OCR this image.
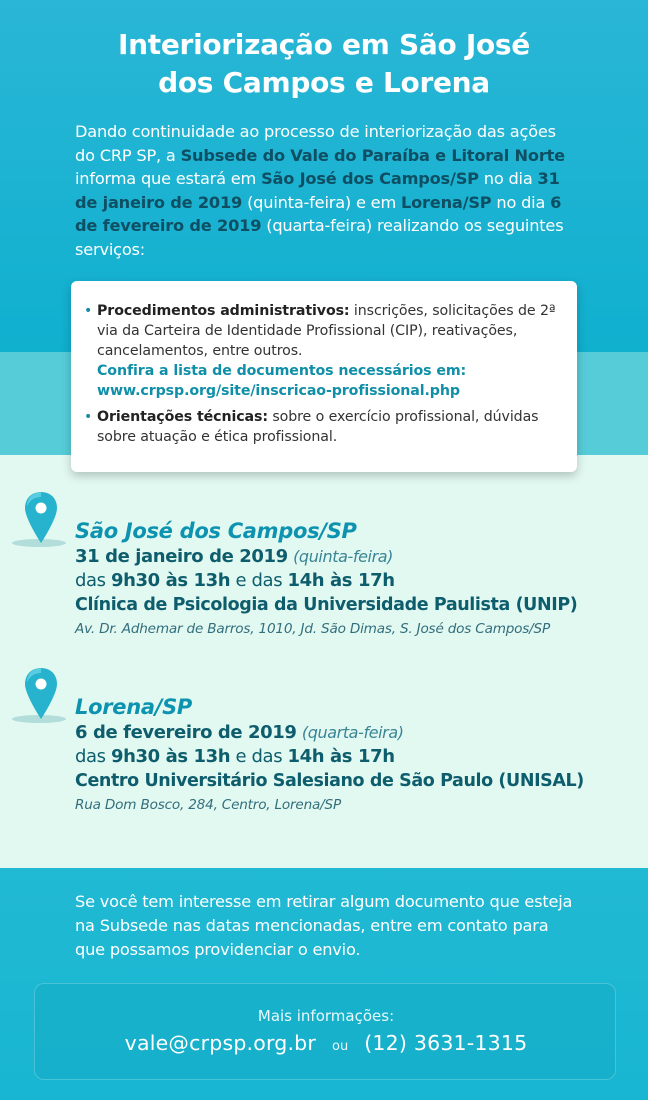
Interiorização em São José
dos Campos e Lorena

Dando continuidade ao processo de interiorização das ações do CRP SP, a Subsede do Vale do Paraíba e Litoral Norte informa que estará em São José dos Campos/SP no dia 31 de janeiro de 2019 (quinta-feira) e em Lorena/SP no dia 6 de fevereiro de 2019 (quarta-feira) realizando os seguintes serviços:

• Procedimentos administrativos: inscrições, solicitações de 2ª via da Carteira de Identidade Profissional (CIP), reativações, cancelamentos, entre outros.
Confira a lista de documentos necessários em:
www.crpsp.org/site/inscricao-profissional.php
• Orientações técnicas: sobre o exercício profissional, dúvidas sobre atuação e ética profissional.
São José dos Campos/SP
31 de janeiro de 2019 (quinta-feira)
das 9h30 às 13h e das 14h às 17h
Clínica de Psicologia da Universidade Paulista (UNIP)
Av. Dr. Adhemar de Barros, 1010, Jd. São Dimas, S. José dos Campos/SP
Lorena/SP
6 de fevereiro de 2019 (quarta-feira)
das 9h30 às 13h e das 14h às 17h
Centro Universitário Salesiano de São Paulo (UNISAL)
Rua Dom Bosco, 284, Centro, Lorena/SP

Se você tem interesse em retirar algum documento que esteja na Subsede nas datas mencionadas, entre em contato para que possamos providenciar o envio.

Mais informações:
vale@crpsp.org.br ou (12) 3631-1315
